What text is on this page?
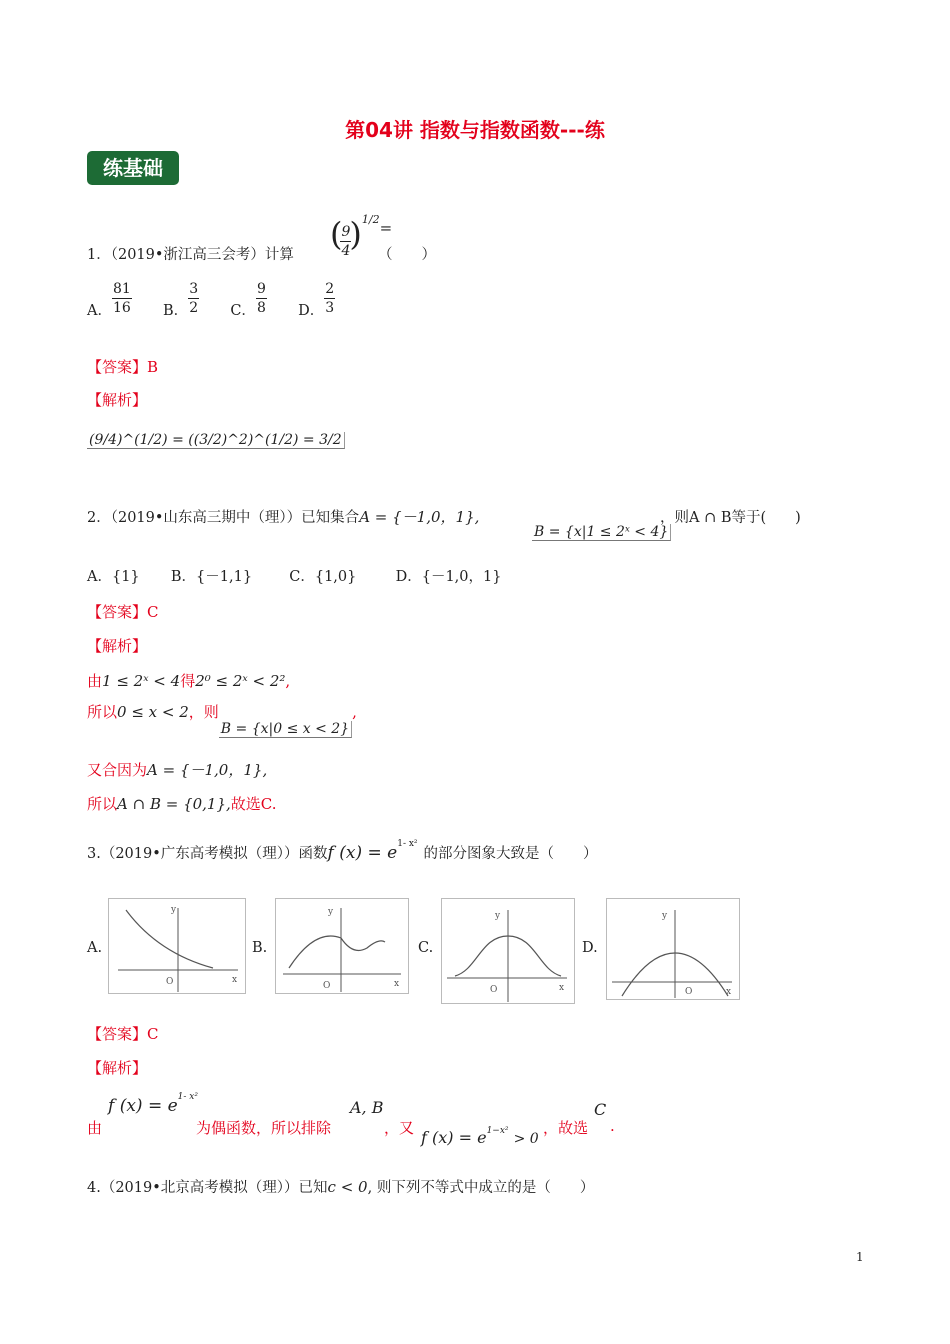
第04讲 指数与指数函数---练
练基础
1．（2019•浙江高三会考）计算
(
$\frac{9}{4}$
)$^{1/2}$=
（　　）
A． $\frac{81}{16}$ B． $\frac{3}{2}$ C． $\frac{9}{8}$ D． $\frac{2}{3}$
【答案】B
【解析】
(9/4)^(1/2) = ((3/2)^2)^(1/2) = 3/2
2．（2019•山东高三期中（理））已知集合A = {－1,0，1},
B = {x|1 ≤ 2ˣ < 4}
，则A ∩ B等于(　　)
A．{1} B．{－1,1}	C．{1,0}	D．{－1,0，1}
【答案】C
【解析】
由1 ≤ 2ˣ < 4得2⁰ ≤ 2ˣ < 2²,
所以0 ≤ x < 2，则B = {x|0 ≤ x < 2},
又合因为A = {－1,0，1},
所以A ∩ B = {0,1},故选C.
3.（2019•广东高考模拟（理））函数f $(x) = e^{1- x^2}$的部分图象大致是（　　）
A.	B.	C.	D.
y
x
O
y
x
O
y
x
O
y
x
O
【答案】C
【解析】
由
f $(x) = e^{1- x^2}$
为偶函数，所以排除
A, B
，又 f $(x) = e^{1-x^2} > 0$
，故选
C
.
4.（2019•北京高考模拟（理））已知c < 0, 则下列不等式中成立的是（　　）
1
